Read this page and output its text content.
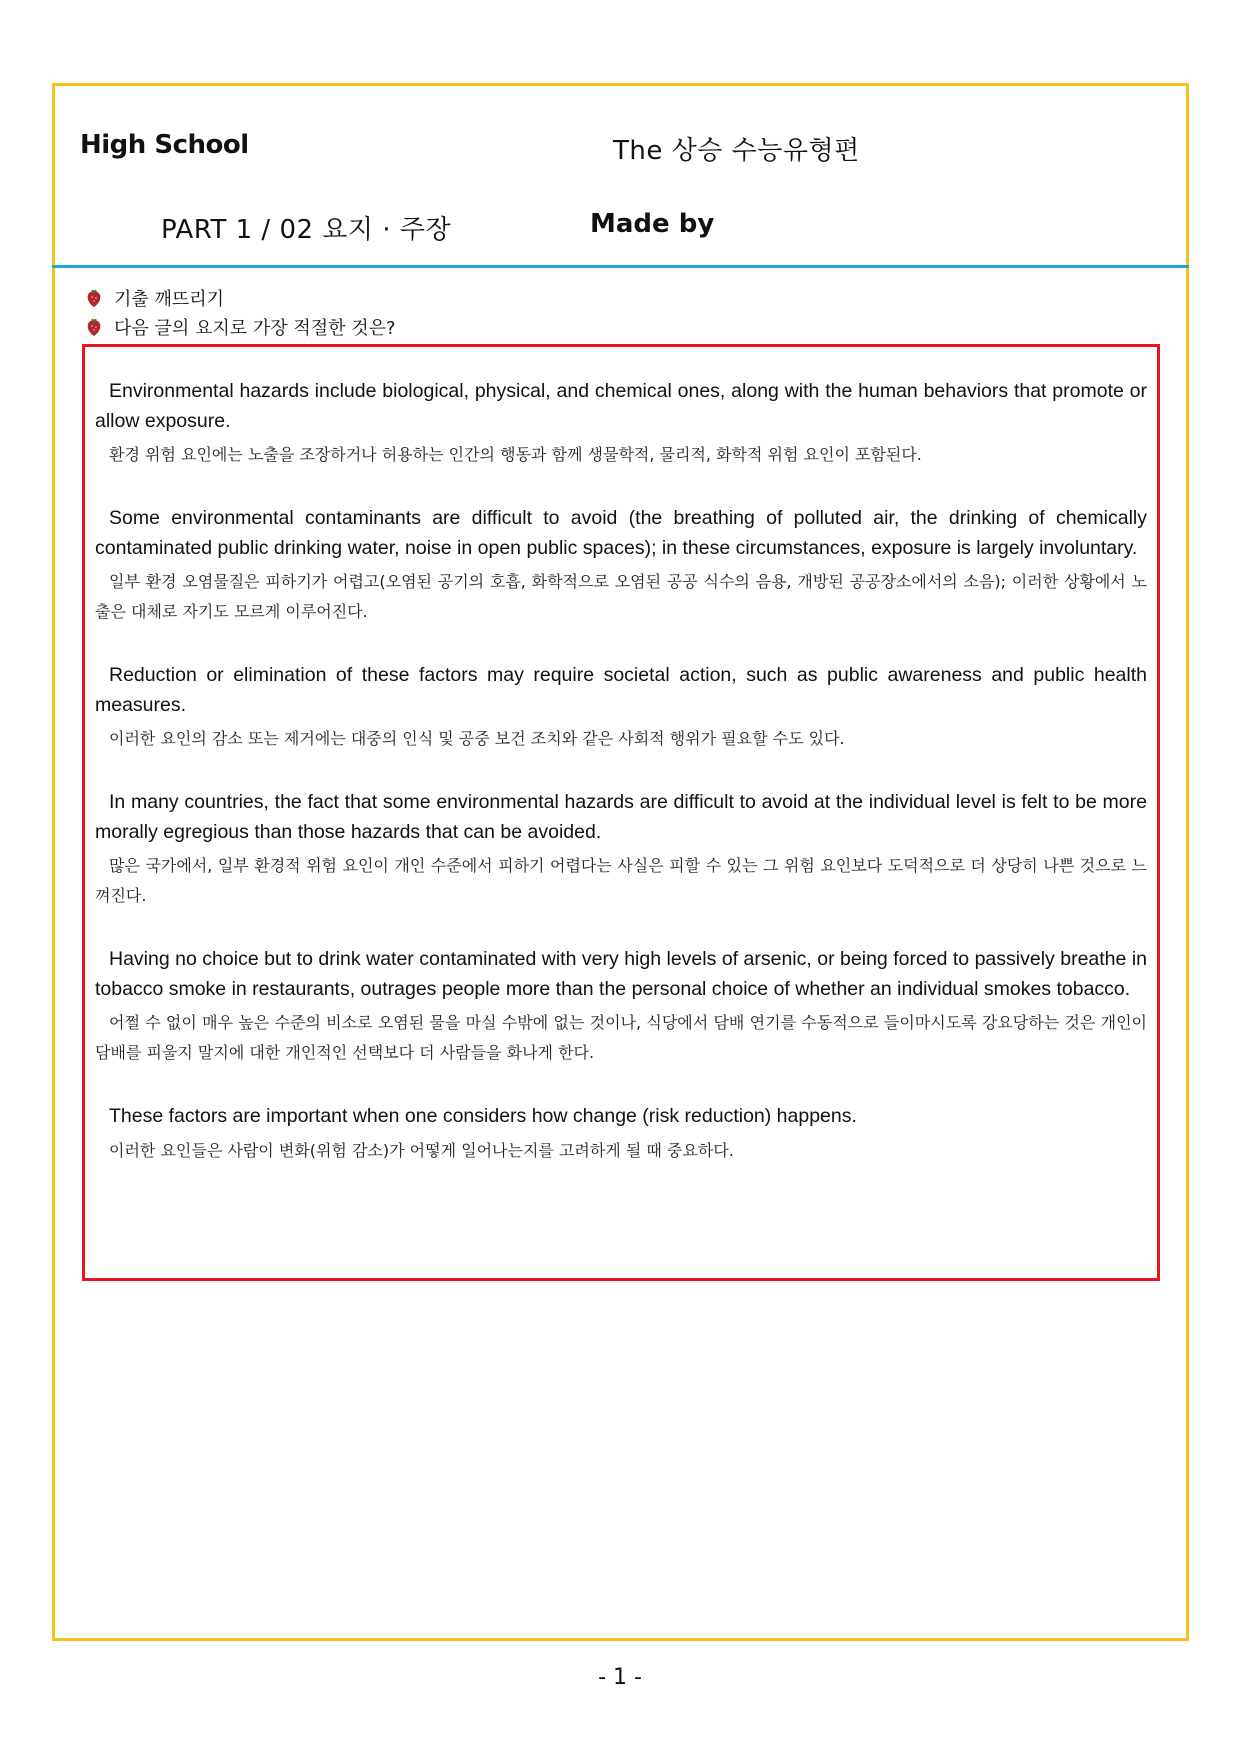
High School	The 상승 수능유형편
PART 1 / 02 요지 · 주장	Made by
기출 깨뜨리기
다음 글의 요지로 가장 적절한 것은?

Environmental hazards include biological, physical, and chemical ones, along with the human behaviors that promote or allow exposure.

환경 위험 요인에는 노출을 조장하거나 허용하는 인간의 행동과 함께 생물학적, 물리적, 화학적 위험 요인이 포함된다.

Some environmental contaminants are difficult to avoid (the breathing of polluted air, the drinking of chemically contaminated public drinking water, noise in open public spaces); in these circumstances, exposure is largely involuntary.

일부 환경 오염물질은 피하기가 어렵고(오염된 공기의 호흡, 화학적으로 오염된 공공 식수의 음용, 개방된 공공장소에서의 소음); 이러한 상황에서 노출은 대체로 자기도 모르게 이루어진다.

Reduction or elimination of these factors may require societal action, such as public awareness and public health measures.

이러한 요인의 감소 또는 제거에는 대중의 인식 및 공중 보건 조치와 같은 사회적 행위가 필요할 수도 있다.

In many countries, the fact that some environmental hazards are difficult to avoid at the individual level is felt to be more morally egregious than those hazards that can be avoided.

많은 국가에서, 일부 환경적 위험 요인이 개인 수준에서 피하기 어렵다는 사실은 피할 수 있는 그 위험 요인보다 도덕적으로 더 상당히 나쁜 것으로 느껴진다.

Having no choice but to drink water contaminated with very high levels of arsenic, or being forced to passively breathe in tobacco smoke in restaurants, outrages people more than the personal choice of whether an individual smokes tobacco.

어쩔 수 없이 매우 높은 수준의 비소로 오염된 물을 마실 수밖에 없는 것이나, 식당에서 담배 연기를 수동적으로 들이마시도록 강요당하는 것은 개인이 담배를 피울지 말지에 대한 개인적인 선택보다 더 사람들을 화나게 한다.

These factors are important when one considers how change (risk reduction) happens.

이러한 요인들은 사람이 변화(위험 감소)가 어떻게 일어나는지를 고려하게 될 때 중요하다.

- 1 -
